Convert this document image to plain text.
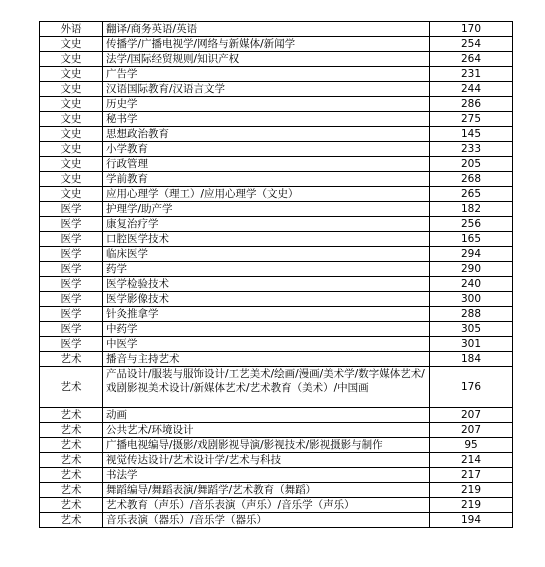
外语	翻译/商务英语/英语	170
文史	传播学/广播电视学/网络与新媒体/新闻学	254
文史	法学/国际经贸规则/知识产权	264
文史	广告学	231
文史	汉语国际教育/汉语言文学	244
文史	历史学	286
文史	秘书学	275
文史	思想政治教育	145
文史	小学教育	233
文史	行政管理	205
文史	学前教育	268
文史	应用心理学（理工）/应用心理学（文史）	265
医学	护理学/助产学	182
医学	康复治疗学	256
医学	口腔医学技术	165
医学	临床医学	294
医学	药学	290
医学	医学检验技术	240
医学	医学影像技术	300
医学	针灸推拿学	288
医学	中药学	305
医学	中医学	301
艺术	播音与主持艺术	184
艺术	产品设计/服装与服饰设计/工艺美术/绘画/漫画/美术学/数字媒体艺术/戏剧影视美术设计/新媒体艺术/艺术教育（美术）/中国画	176
艺术	动画	207
艺术	公共艺术/环境设计	207
艺术	广播电视编导/摄影/戏剧影视导演/影视技术/影视摄影与制作	95
艺术	视觉传达设计/艺术设计学/艺术与科技	214
艺术	书法学	217
艺术	舞蹈编导/舞蹈表演/舞蹈学/艺术教育（舞蹈）	219
艺术	艺术教育（声乐）/音乐表演（声乐）/音乐学（声乐）	219
艺术	音乐表演（器乐）/音乐学（器乐）	194
